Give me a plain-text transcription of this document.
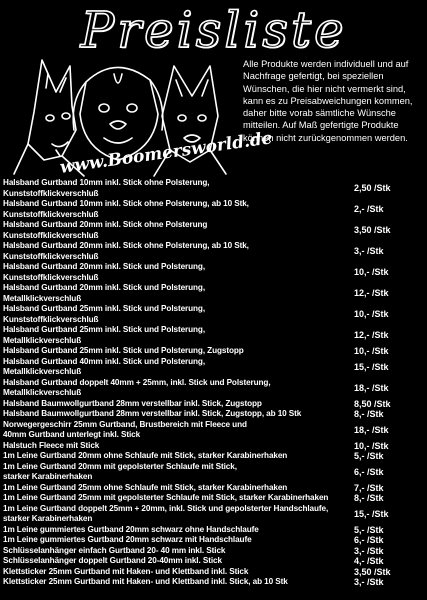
Preisliste
www.Boomersworld.de
Alle Produkte werden individuell und auf Nachfrage gefertigt, bei speziellen Wünschen, die hier nicht vermerkt sind, kann es zu Preisabweichungen kommen, daher bitte vorab sämtliche Wünsche mitteilen. Auf Maß gefertigte Produkte können nicht zurückgenommen werden.
Halsband Gurtband 10mm inkl. Stick ohne Polsterung,
Kunststoffklickverschluß	2,50 /Stk
Halsband Gurtband 10mm inkl. Stick ohne Polsterung, ab 10 Stk,
Kunststoffklickverschluß	2,- /Stk
Halsband Gurtband 20mm inkl. Stick ohne Polsterung
Kunststoffklickverschluß	3,50 /Stk
Halsband Gurtband 20mm inkl. Stick ohne Polsterung, ab 10 Stk,
Kunststoffklickverschluß	3,- /Stk
Halsband Gurtband 20mm inkl. Stick und Polsterung,
Kunststoffklickverschluß	10,- /Stk
Halsband Gurtband 20mm inkl. Stick und Polsterung,
Metallklickverschluß	12,- /Stk
Halsband Gurtband 25mm inkl. Stick und Polsterung,
Kunststoffklickverschluß	10,- /Stk
Halsband Gurtband 25mm inkl. Stick und Polsterung,
Metallklickverschluß	12,- /Stk
Halsband Gurtband 25mm inkl. Stick und Polsterung, Zugstopp	10,- /Stk
Halsband Gurtband 40mm inkl. Stick und Polsterung,
Metallklickverschluß	15,- /Stk
Halsband Gurtband doppelt 40mm + 25mm, inkl. Stick und Polsterung,
Metallklickverschluß	18,- /Stk
Halsband Baumwollgurtband 28mm verstellbar inkl. Stick, Zugstopp	8,50 /Stk
Halsband Baumwollgurtband 28mm verstellbar inkl. Stick, Zugstopp, ab 10 Stk	8,- /Stk
Norwegergeschirr 25mm Gurtband, Brustbereich mit Fleece und
40mm Gurtband unterlegt inkl. Stick	18,- /Stk
Halstuch Fleece mit Stick	10,- /Stk
1m Leine Gurtband 20mm ohne Schlaufe mit Stick, starker Karabinerhaken	5,- /Stk
1m Leine Gurtband 20mm mit gepolsterter Schlaufe mit Stick,
starker Karabinerhaken	6,- /Stk
1m Leine Gurtband 25mm ohne Schlaufe mit Stick, starker Karabinerhaken	7,- /Stk
1m Leine Gurtband 25mm mit gepolsterter Schlaufe mit Stick, starker Karabinerhaken	8,- /Stk
1m Leine Gurtband doppelt 25mm + 20mm, inkl. Stick und gepolsterter Handschlaufe,
starker Karabinerhaken	15,- /Stk
1m Leine gummiertes Gurtband 20mm schwarz ohne Handschlaufe	5,- /Stk
1m Leine gummiertes Gurtband 20mm schwarz mit Handschlaufe	6,- /Stk
Schlüsselanhänger einfach Gurtband 20- 40 mm inkl. Stick	3,- /Stk
Schlüsselanhänger doppelt Gurtband 20-40mm inkl. Stick	4,- /Stk
Klettsticker 25mm Gurtband mit Haken- und Klettband inkl. Stick	3,50 /Stk
Klettsticker 25mm Gurtband mit Haken- und Klettband inkl. Stick, ab 10 Stk	3,- /Stk
